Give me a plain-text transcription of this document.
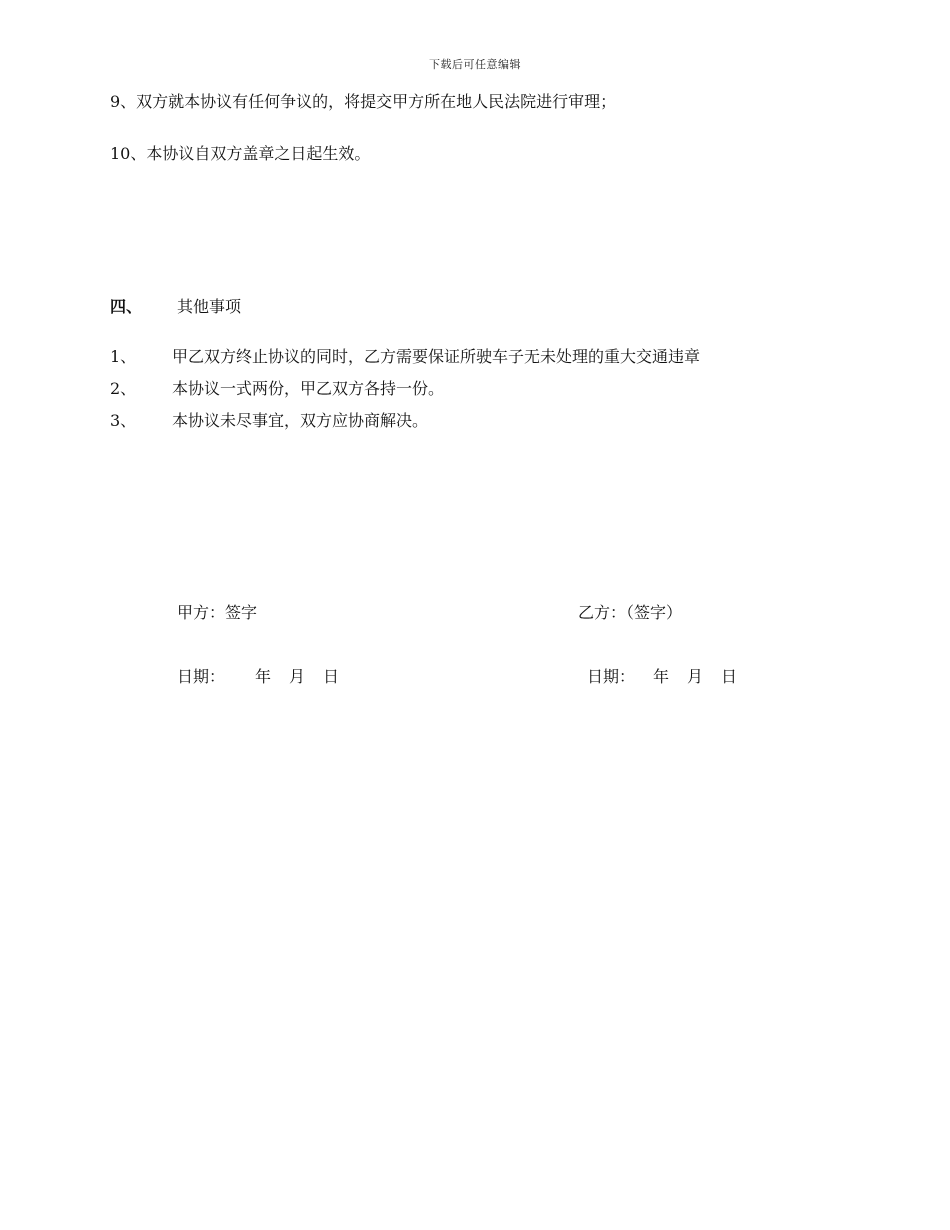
下载后可任意编辑
9、双方就本协议有任何争议的，将提交甲方所在地人民法院进行审理；
10、本协议自双方盖章之日起生效。
四、 其他事项
1、 甲乙双方终止协议的同时，乙方需要保证所驶车子无未处理的重大交通违章
2、 本协议一式两份，甲乙双方各持一份。
3、 本协议未尽事宜，双方应协商解决。
甲方：签字	乙方：（签字）
日期： 年 月 日	日期： 年 月 日
